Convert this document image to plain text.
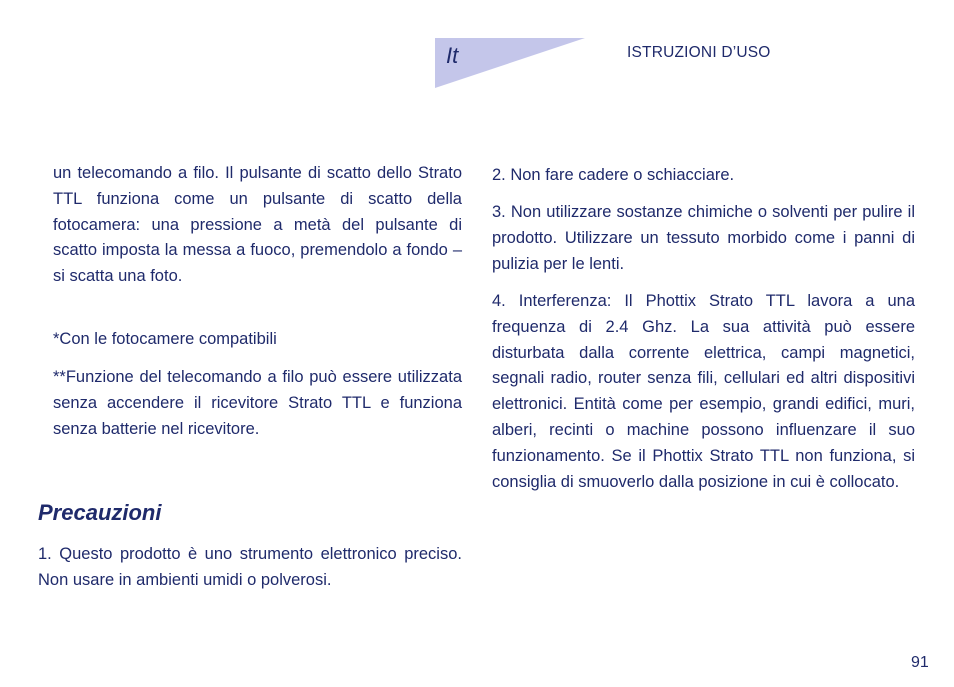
It	ISTRUZIONI D’USO

un telecomando a filo. Il pulsante di scatto dello Strato TTL funziona come un pulsante di scatto della fotocamera: una pressione a metà del pulsante di scatto imposta la messa a fuoco, premendolo a fondo – si scatta una foto.

*Con le fotocamere compatibili

**Funzione del telecomando a filo può essere utilizzata senza accendere il ricevitore Strato TTL e funziona senza batterie nel ricevitore.

Precauzioni

1. Questo prodotto è uno strumento elettronico preciso. Non usare in ambienti umidi o polverosi.

2. Non fare cadere o schiacciare.

3. Non utilizzare sostanze chimiche o solventi per pulire il prodotto. Utilizzare un tessuto morbido come i panni di pulizia per le lenti.

4. Interferenza: Il Phottix Strato TTL lavora a una frequenza di 2.4 Ghz. La sua attività può essere disturbata dalla corrente elettrica, campi magnetici, segnali radio, router senza fili, cellulari ed altri dispositivi elettronici. Entità come per esempio, grandi edifici, muri, alberi, recinti o machine possono influenzare il suo funzionamento. Se il Phottix Strato TTL non funziona, si consiglia di smuoverlo dalla posizione in cui è collocato.

91
